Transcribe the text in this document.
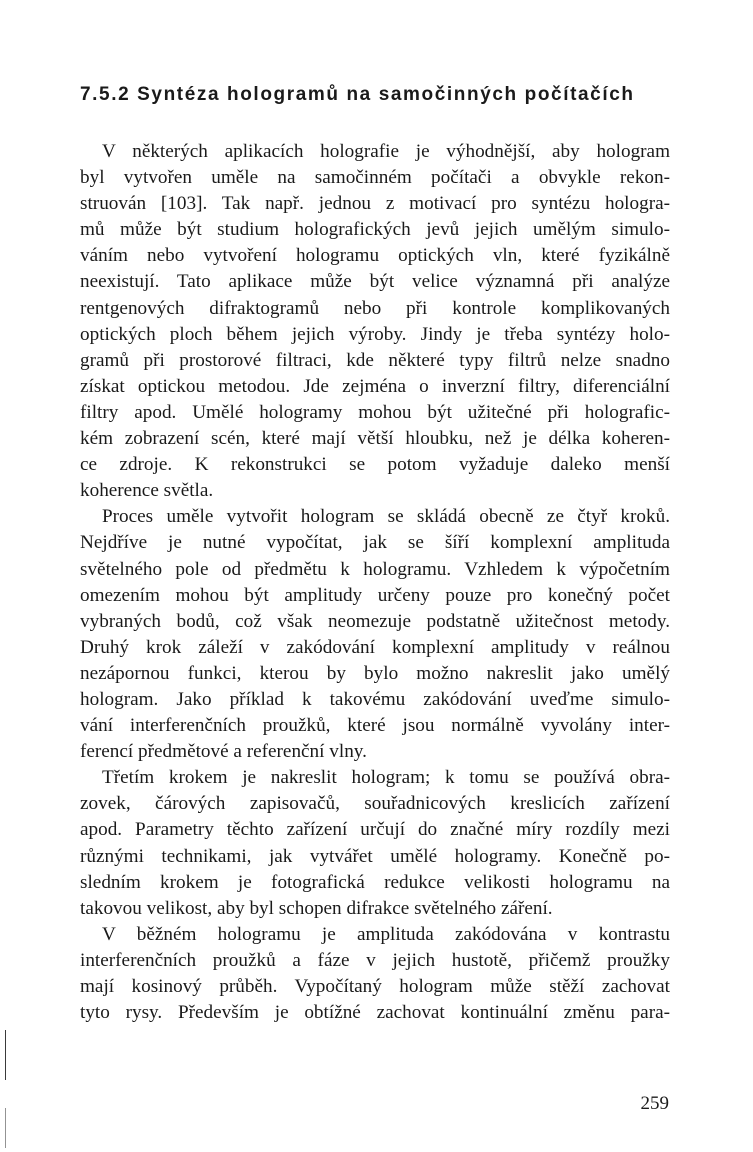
7.5.2 Syntéza hologramů na samočinných počítačích

V některých aplikacích holografie je výhodnější, aby hologram
byl vytvořen uměle na samočinném počítači a obvykle rekon-
struován [103]. Tak např. jednou z motivací pro syntézu hologra-
mů může být studium holografických jevů jejich umělým simulo-
váním nebo vytvoření hologramu optických vln, které fyzikálně
neexistují. Tato aplikace může být velice významná při analýze
rentgenových difraktogramů nebo při kontrole komplikovaných
optických ploch během jejich výroby. Jindy je třeba syntézy holo-
gramů při prostorové filtraci, kde některé typy filtrů nelze snadno
získat optickou metodou. Jde zejména o inverzní filtry, diferenciální
filtry apod. Umělé hologramy mohou být užitečné při holografic-
kém zobrazení scén, které mají větší hloubku, než je délka koheren-
ce zdroje. K rekonstrukci se potom vyžaduje daleko menší
koherence světla.

Proces uměle vytvořit hologram se skládá obecně ze čtyř kroků.
Nejdříve je nutné vypočítat, jak se šíří komplexní amplituda
světelného pole od předmětu k hologramu. Vzhledem k výpočetním
omezením mohou být amplitudy určeny pouze pro konečný počet
vybraných bodů, což však neomezuje podstatně užitečnost metody.
Druhý krok záleží v zakódování komplexní amplitudy v reálnou
nezápornou funkci, kterou by bylo možno nakreslit jako umělý
hologram. Jako příklad k takovému zakódování uveďme simulo-
vání interferenčních proužků, které jsou normálně vyvolány inter-
ferencí předmětové a referenční vlny.

Třetím krokem je nakreslit hologram; k tomu se používá obra-
zovek, čárových zapisovačů, souřadnicových kreslicích zařízení
apod. Parametry těchto zařízení určují do značné míry rozdíly mezi
různými technikami, jak vytvářet umělé hologramy. Konečně po-
sledním krokem je fotografická redukce velikosti hologramu na
takovou velikost, aby byl schopen difrakce světelného záření.

V běžném hologramu je amplituda zakódována v kontrastu
interferenčních proužků a fáze v jejich hustotě, přičemž proužky
mají kosinový průběh. Vypočítaný hologram může stěží zachovat
tyto rysy. Především je obtížné zachovat kontinuální změnu para-

259
